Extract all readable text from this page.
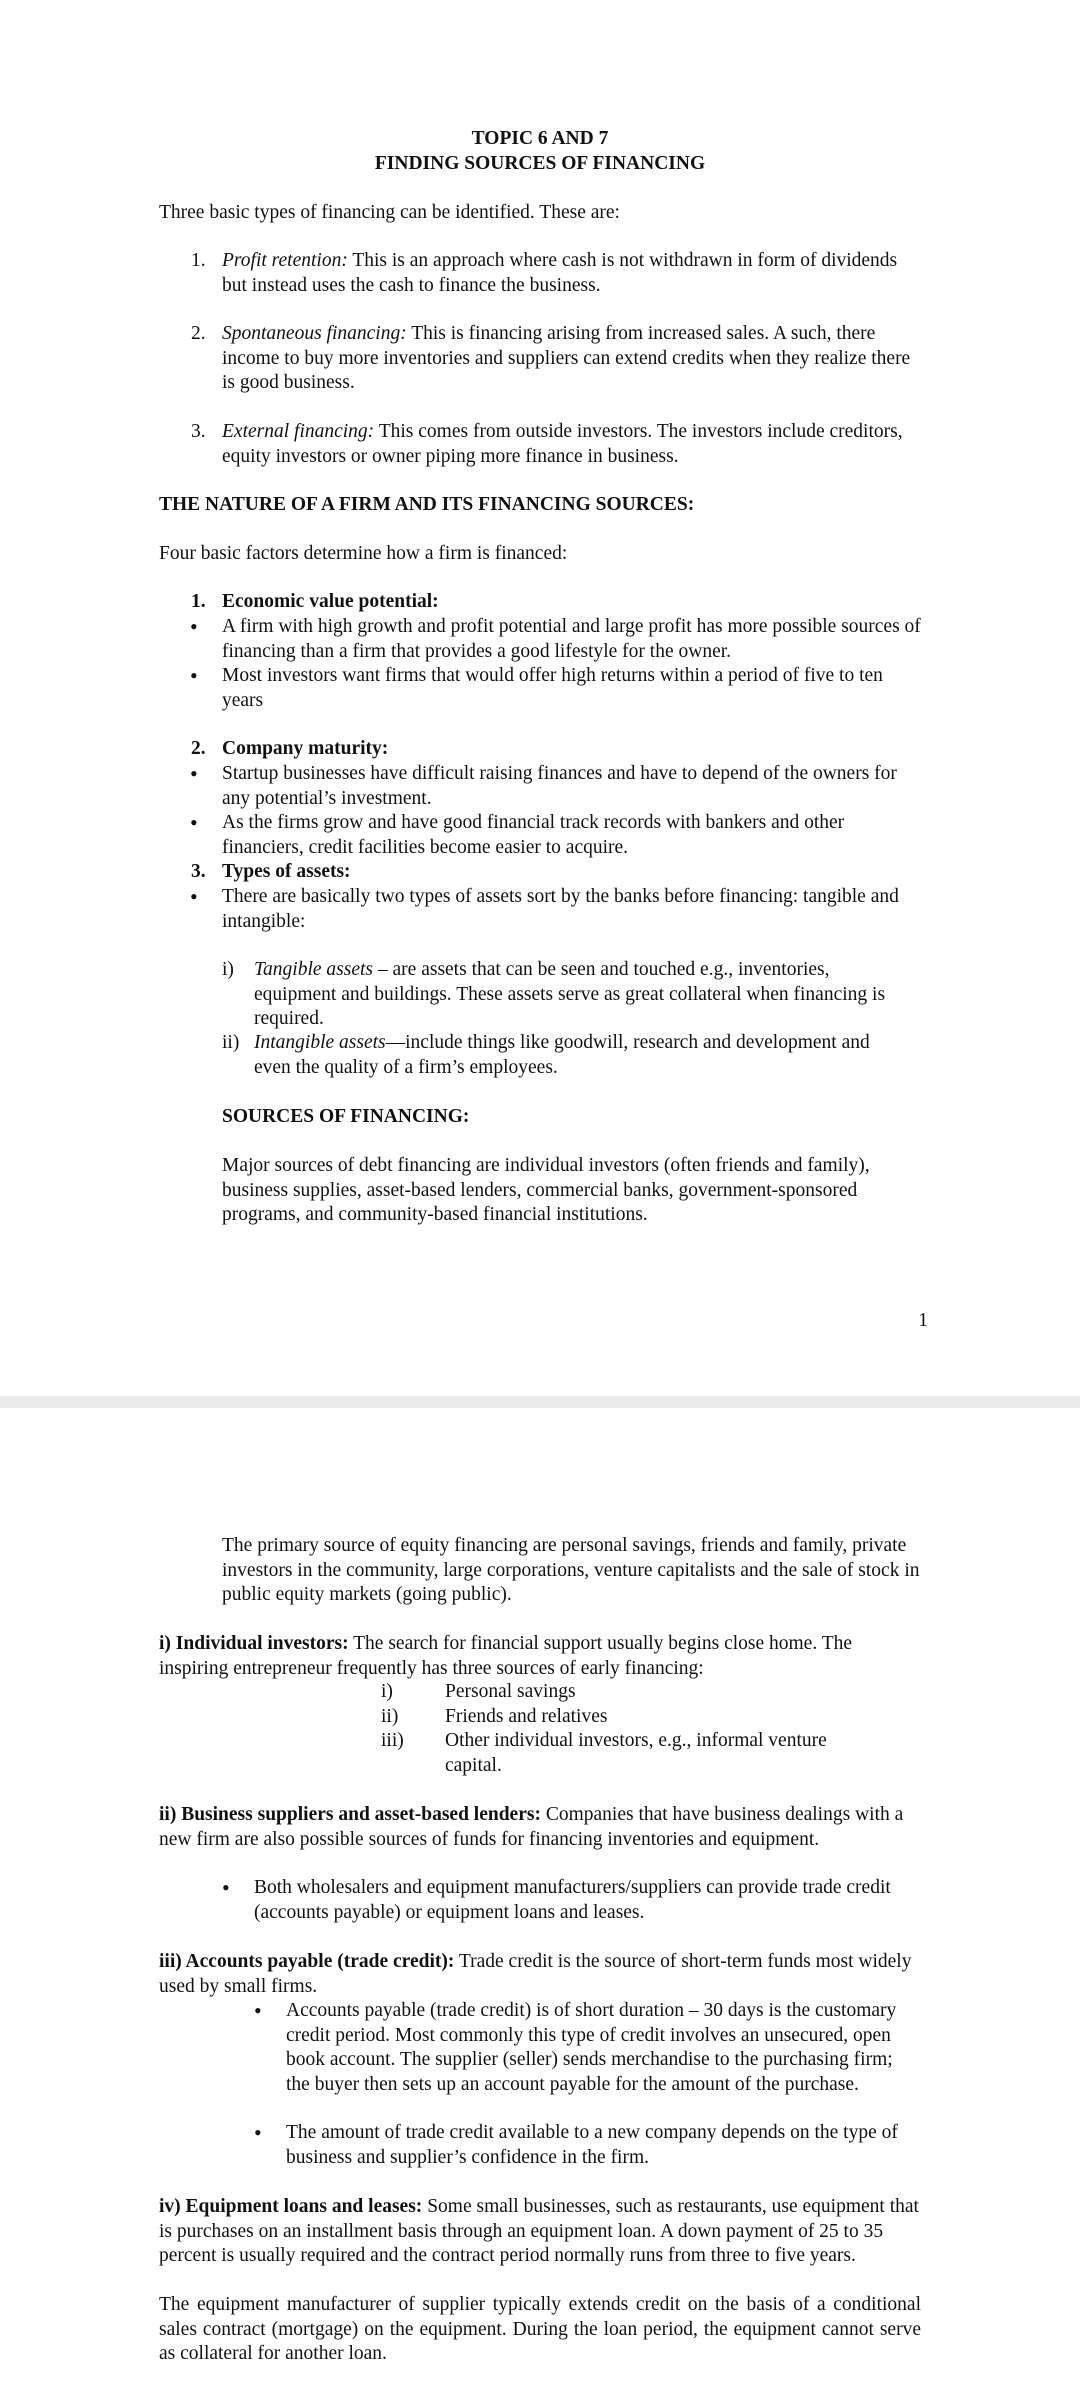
TOPIC 6 AND 7
FINDING SOURCES OF FINANCING
Three basic types of financing can be identified. These are:
1. Profit retention: This is an approach where cash is not withdrawn in form of dividends but instead uses the cash to finance the business.
2. Spontaneous financing: This is financing arising from increased sales. A such, there income to buy more inventories and suppliers can extend credits when they realize there is good business.
3. External financing: This comes from outside investors. The investors include creditors, equity investors or owner piping more finance in business.
THE NATURE OF A FIRM AND ITS FINANCING SOURCES:
Four basic factors determine how a firm is financed:
1. Economic value potential:
• A firm with high growth and profit potential and large profit has more possible sources of financing than a firm that provides a good lifestyle for the owner.
• Most investors want firms that would offer high returns within a period of five to ten years
2. Company maturity:
• Startup businesses have difficult raising finances and have to depend of the owners for any potential’s investment.
• As the firms grow and have good financial track records with bankers and other financiers, credit facilities become easier to acquire.
3. Types of assets:
• There are basically two types of assets sort by the banks before financing: tangible and intangible:
i) Tangible assets – are assets that can be seen and touched e.g., inventories, equipment and buildings. These assets serve as great collateral when financing is required.
ii) Intangible assets—include things like goodwill, research and development and even the quality of a firm’s employees.
SOURCES OF FINANCING:
Major sources of debt financing are individual investors (often friends and family), business supplies, asset-based lenders, commercial banks, government-sponsored programs, and community-based financial institutions.
1
The primary source of equity financing are personal savings, friends and family, private investors in the community, large corporations, venture capitalists and the sale of stock in public equity markets (going public).
i) Individual investors: The search for financial support usually begins close home. The inspiring entrepreneur frequently has three sources of early financing:
i)	Personal savings
ii) Friends and relatives
iii) Other individual investors, e.g., informal venture capital.
ii) Business suppliers and asset-based lenders: Companies that have business dealings with a new firm are also possible sources of funds for financing inventories and equipment.
• Both wholesalers and equipment manufacturers/suppliers can provide trade credit (accounts payable) or equipment loans and leases.
iii) Accounts payable (trade credit): Trade credit is the source of short-term funds most widely used by small firms.
• Accounts payable (trade credit) is of short duration – 30 days is the customary credit period. Most commonly this type of credit involves an unsecured, open book account. The supplier (seller) sends merchandise to the purchasing firm; the buyer then sets up an account payable for the amount of the purchase.
• The amount of trade credit available to a new company depends on the type of business and supplier’s confidence in the firm.
iv) Equipment loans and leases: Some small businesses, such as restaurants, use equipment that is purchases on an installment basis through an equipment loan. A down payment of 25 to 35 percent is usually required and the contract period normally runs from three to five years.
The equipment manufacturer of supplier typically extends credit on the basis of a conditional sales contract (mortgage) on the equipment. During the loan period, the equipment cannot serve as collateral for another loan.
